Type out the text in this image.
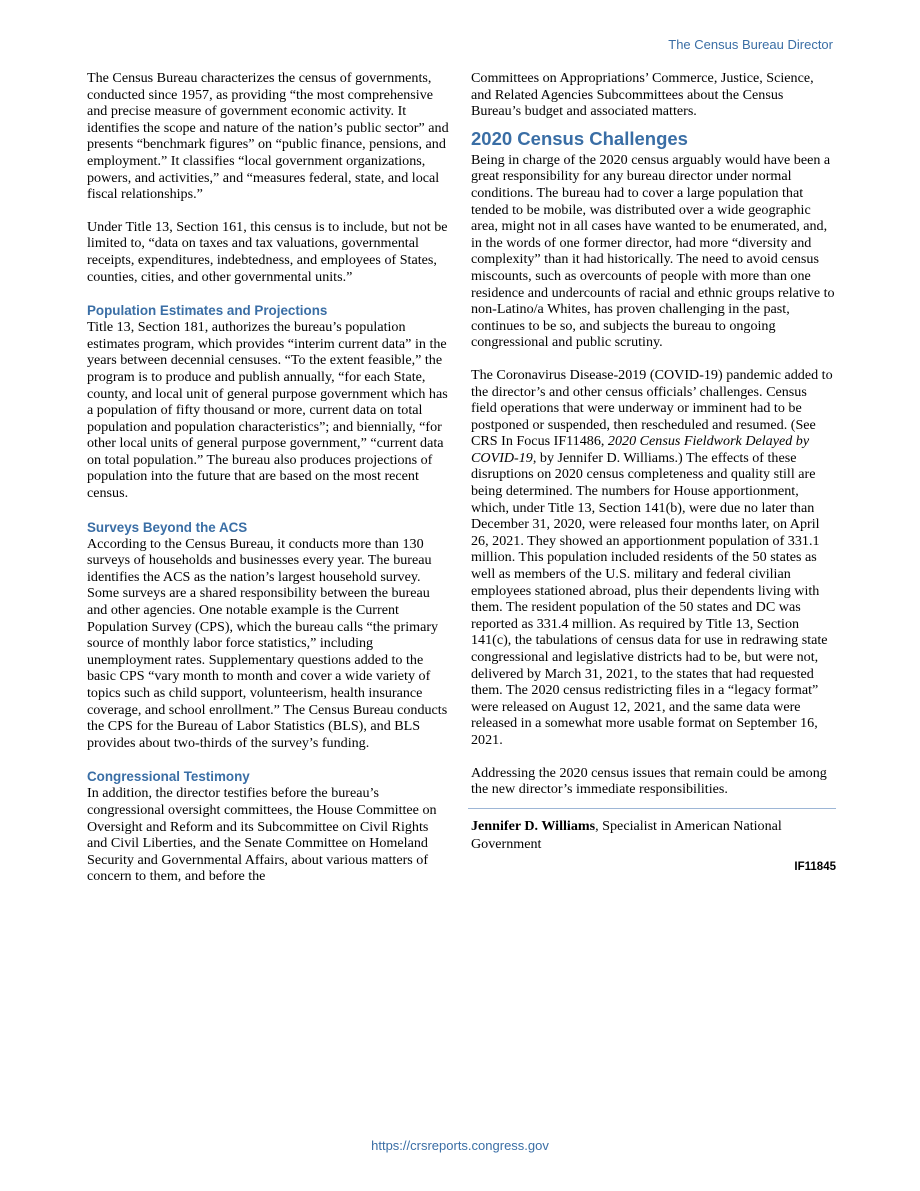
The Census Bureau Director

The Census Bureau characterizes the census of governments, conducted since 1957, as providing “the most comprehensive and precise measure of government economic activity. It identifies the scope and nature of the nation’s public sector” and presents “benchmark figures” on “public finance, pensions, and employment.” It classifies “local government organizations, powers, and activities,” and “measures federal, state, and local fiscal relationships.”

Under Title 13, Section 161, this census is to include, but not be limited to, “data on taxes and tax valuations, governmental receipts, expenditures, indebtedness, and employees of States, counties, cities, and other governmental units.”

Population Estimates and Projections

Title 13, Section 181, authorizes the bureau’s population estimates program, which provides “interim current data” in the years between decennial censuses. “To the extent feasible,” the program is to produce and publish annually, “for each State, county, and local unit of general purpose government which has a population of fifty thousand or more, current data on total population and population characteristics”; and biennially, “for other local units of general purpose government,” “current data on total population.” The bureau also produces projections of population into the future that are based on the most recent census.

Surveys Beyond the ACS

According to the Census Bureau, it conducts more than 130 surveys of households and businesses every year. The bureau identifies the ACS as the nation’s largest household survey. Some surveys are a shared responsibility between the bureau and other agencies. One notable example is the Current Population Survey (CPS), which the bureau calls “the primary source of monthly labor force statistics,” including unemployment rates. Supplementary questions added to the basic CPS “vary month to month and cover a wide variety of topics such as child support, volunteerism, health insurance coverage, and school enrollment.” The Census Bureau conducts the CPS for the Bureau of Labor Statistics (BLS), and BLS provides about two-thirds of the survey’s funding.

Congressional Testimony

In addition, the director testifies before the bureau’s congressional oversight committees, the House Committee on Oversight and Reform and its Subcommittee on Civil Rights and Civil Liberties, and the Senate Committee on Homeland Security and Governmental Affairs, about various matters of concern to them, and before the

Committees on Appropriations’ Commerce, Justice, Science, and Related Agencies Subcommittees about the Census Bureau’s budget and associated matters.

2020 Census Challenges

Being in charge of the 2020 census arguably would have been a great responsibility for any bureau director under normal conditions. The bureau had to cover a large population that tended to be mobile, was distributed over a wide geographic area, might not in all cases have wanted to be enumerated, and, in the words of one former director, had more “diversity and complexity” than it had historically. The need to avoid census miscounts, such as overcounts of people with more than one residence and undercounts of racial and ethnic groups relative to non-Latino/a Whites, has proven challenging in the past, continues to be so, and subjects the bureau to ongoing congressional and public scrutiny.

The Coronavirus Disease-2019 (COVID-19) pandemic added to the director’s and other census officials’ challenges. Census field operations that were underway or imminent had to be postponed or suspended, then rescheduled and resumed. (See CRS In Focus IF11486, 2020 Census Fieldwork Delayed by COVID-19, by Jennifer D. Williams.) The effects of these disruptions on 2020 census completeness and quality still are being determined. The numbers for House apportionment, which, under Title 13, Section 141(b), were due no later than December 31, 2020, were released four months later, on April 26, 2021. They showed an apportionment population of 331.1 million. This population included residents of the 50 states as well as members of the U.S. military and federal civilian employees stationed abroad, plus their dependents living with them. The resident population of the 50 states and DC was reported as 331.4 million. As required by Title 13, Section 141(c), the tabulations of census data for use in redrawing state congressional and legislative districts had to be, but were not, delivered by March 31, 2021, to the states that had requested them. The 2020 census redistricting files in a “legacy format” were released on August 12, 2021, and the same data were released in a somewhat more usable format on September 16, 2021.

Addressing the 2020 census issues that remain could be among the new director’s immediate responsibilities.

Jennifer D. Williams, Specialist in American National Government

IF11845
https://crsreports.congress.gov
